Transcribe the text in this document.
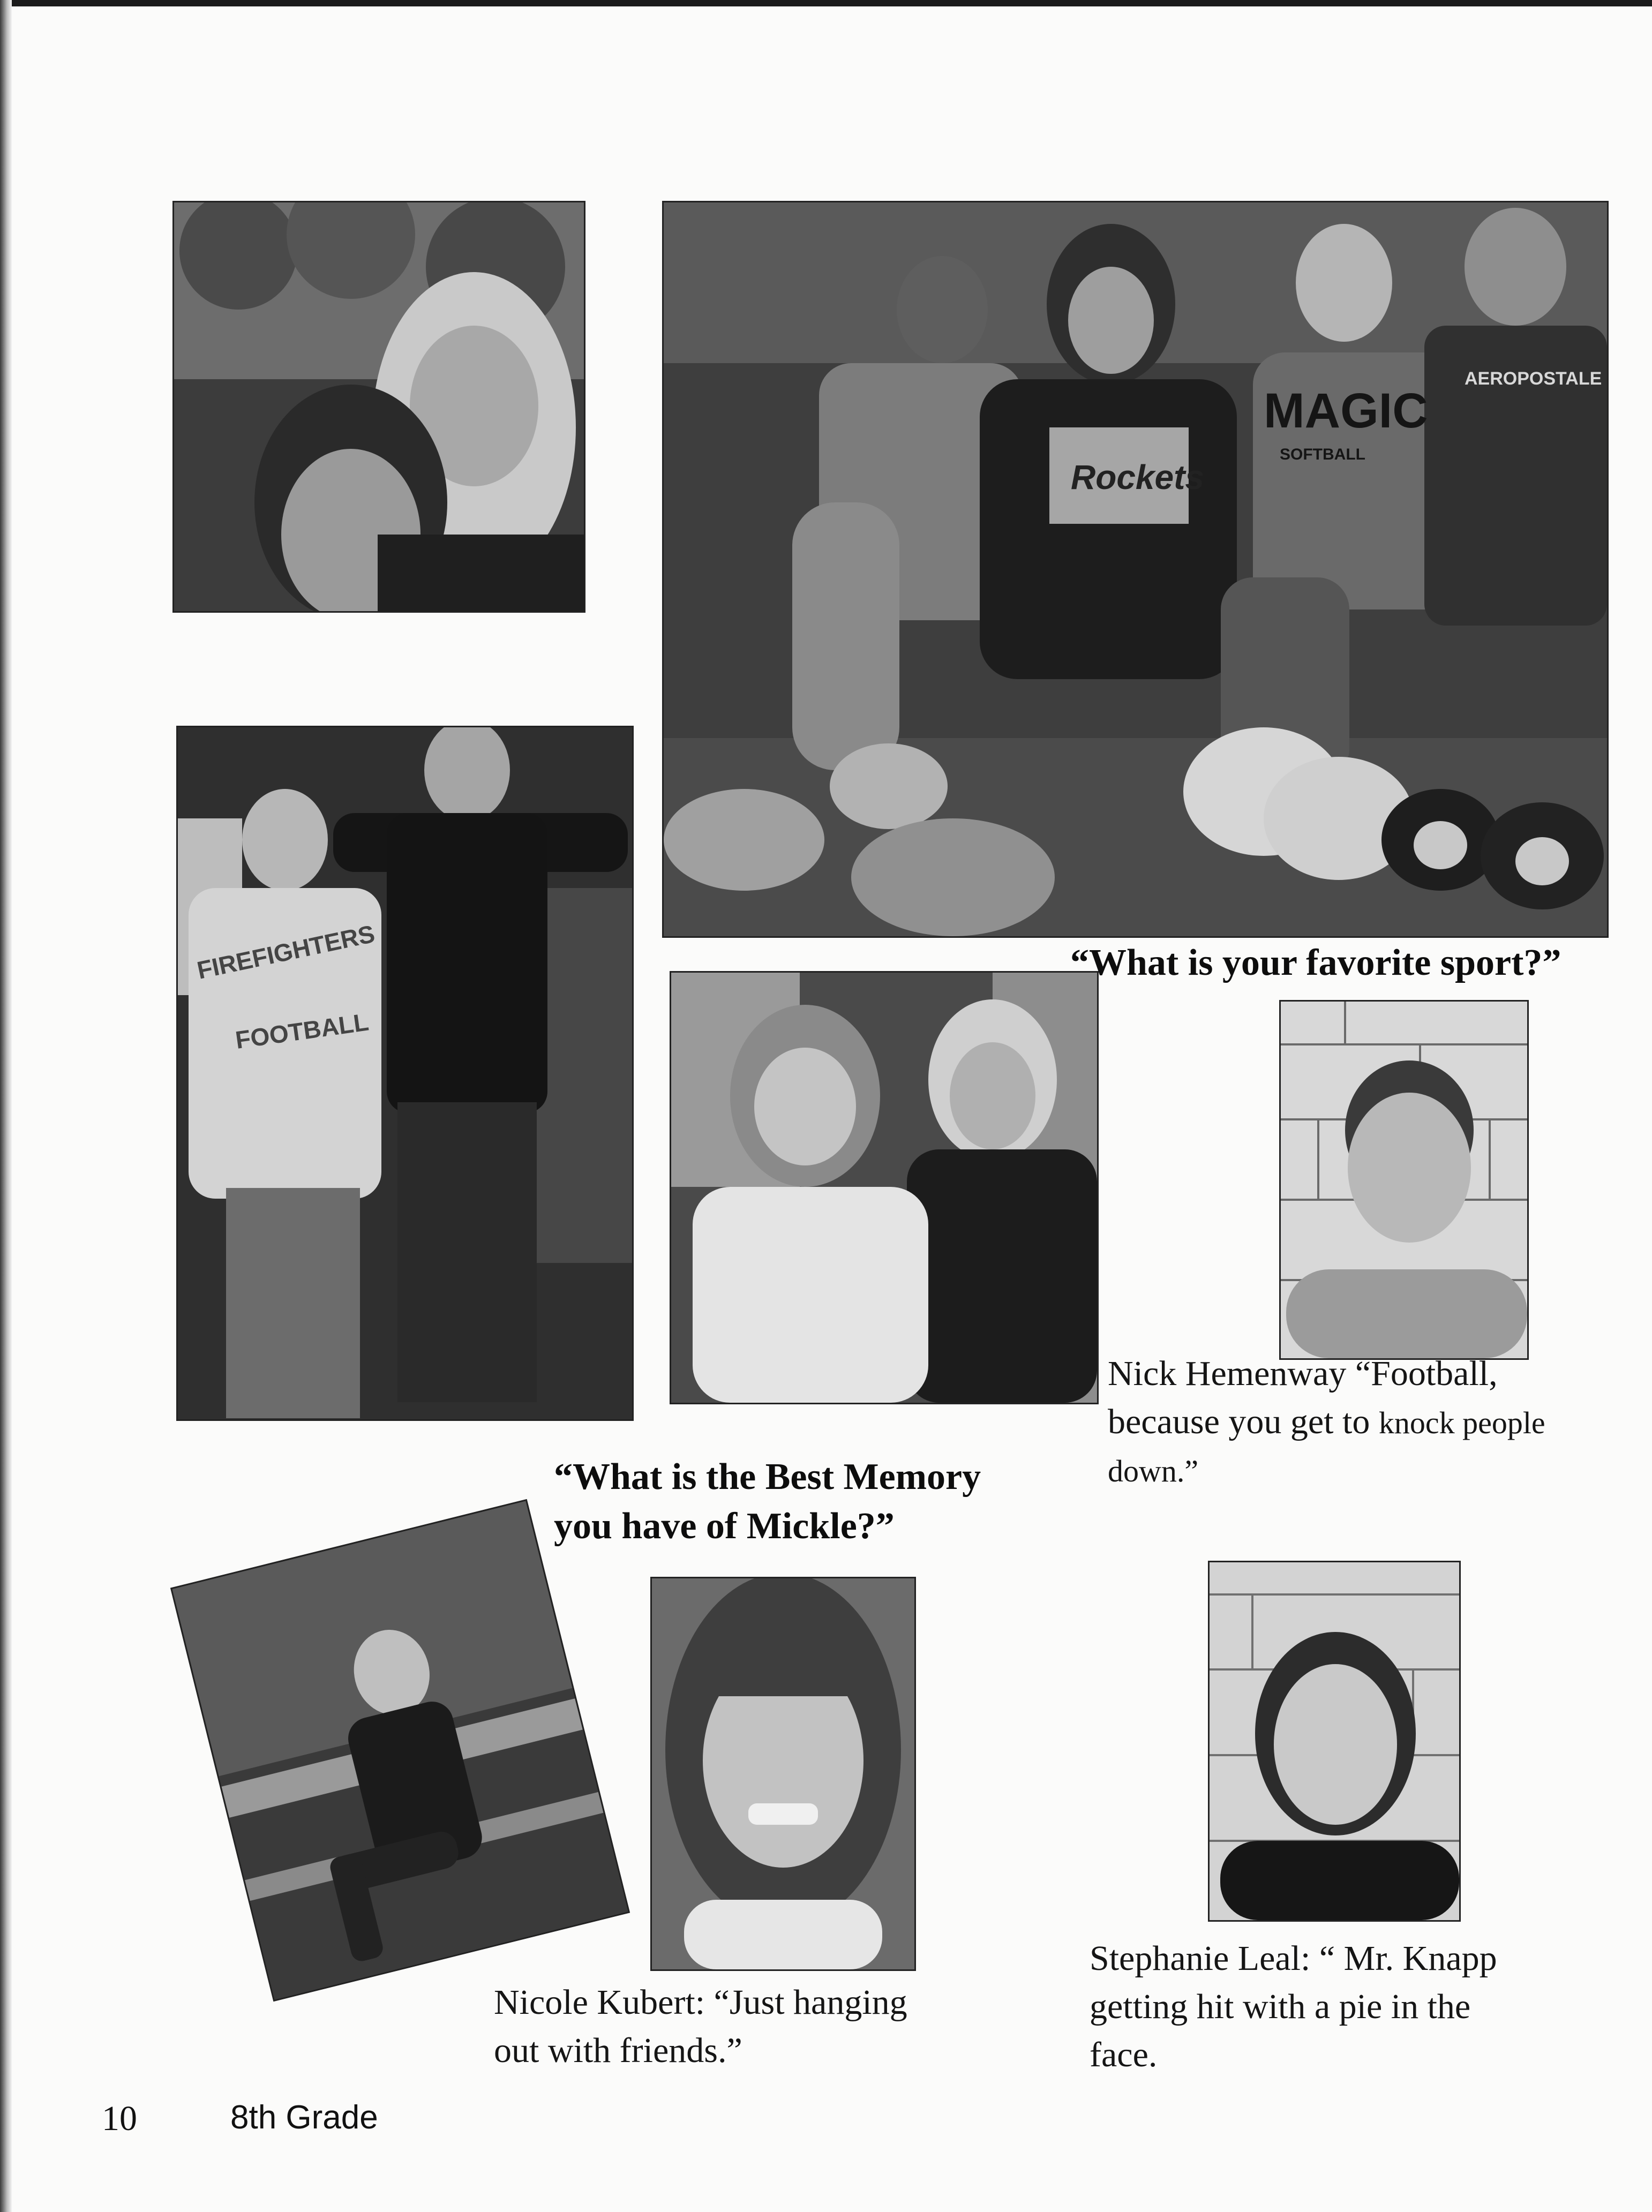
Rockets
MAGIC
SOFTBALL
AEROPOSTALE
FIREFIGHTERS
FOOTBALL
“What is your favorite sport?”
“What is the Best Memory
you have of Mickle?”
Nick Hemenway “Football,
because you get to knock people
down.”
Nicole Kubert: “Just hanging
out with friends.”
Stephanie Leal: “ Mr. Knapp
getting hit with a pie in the
face.
10	8th Grade
